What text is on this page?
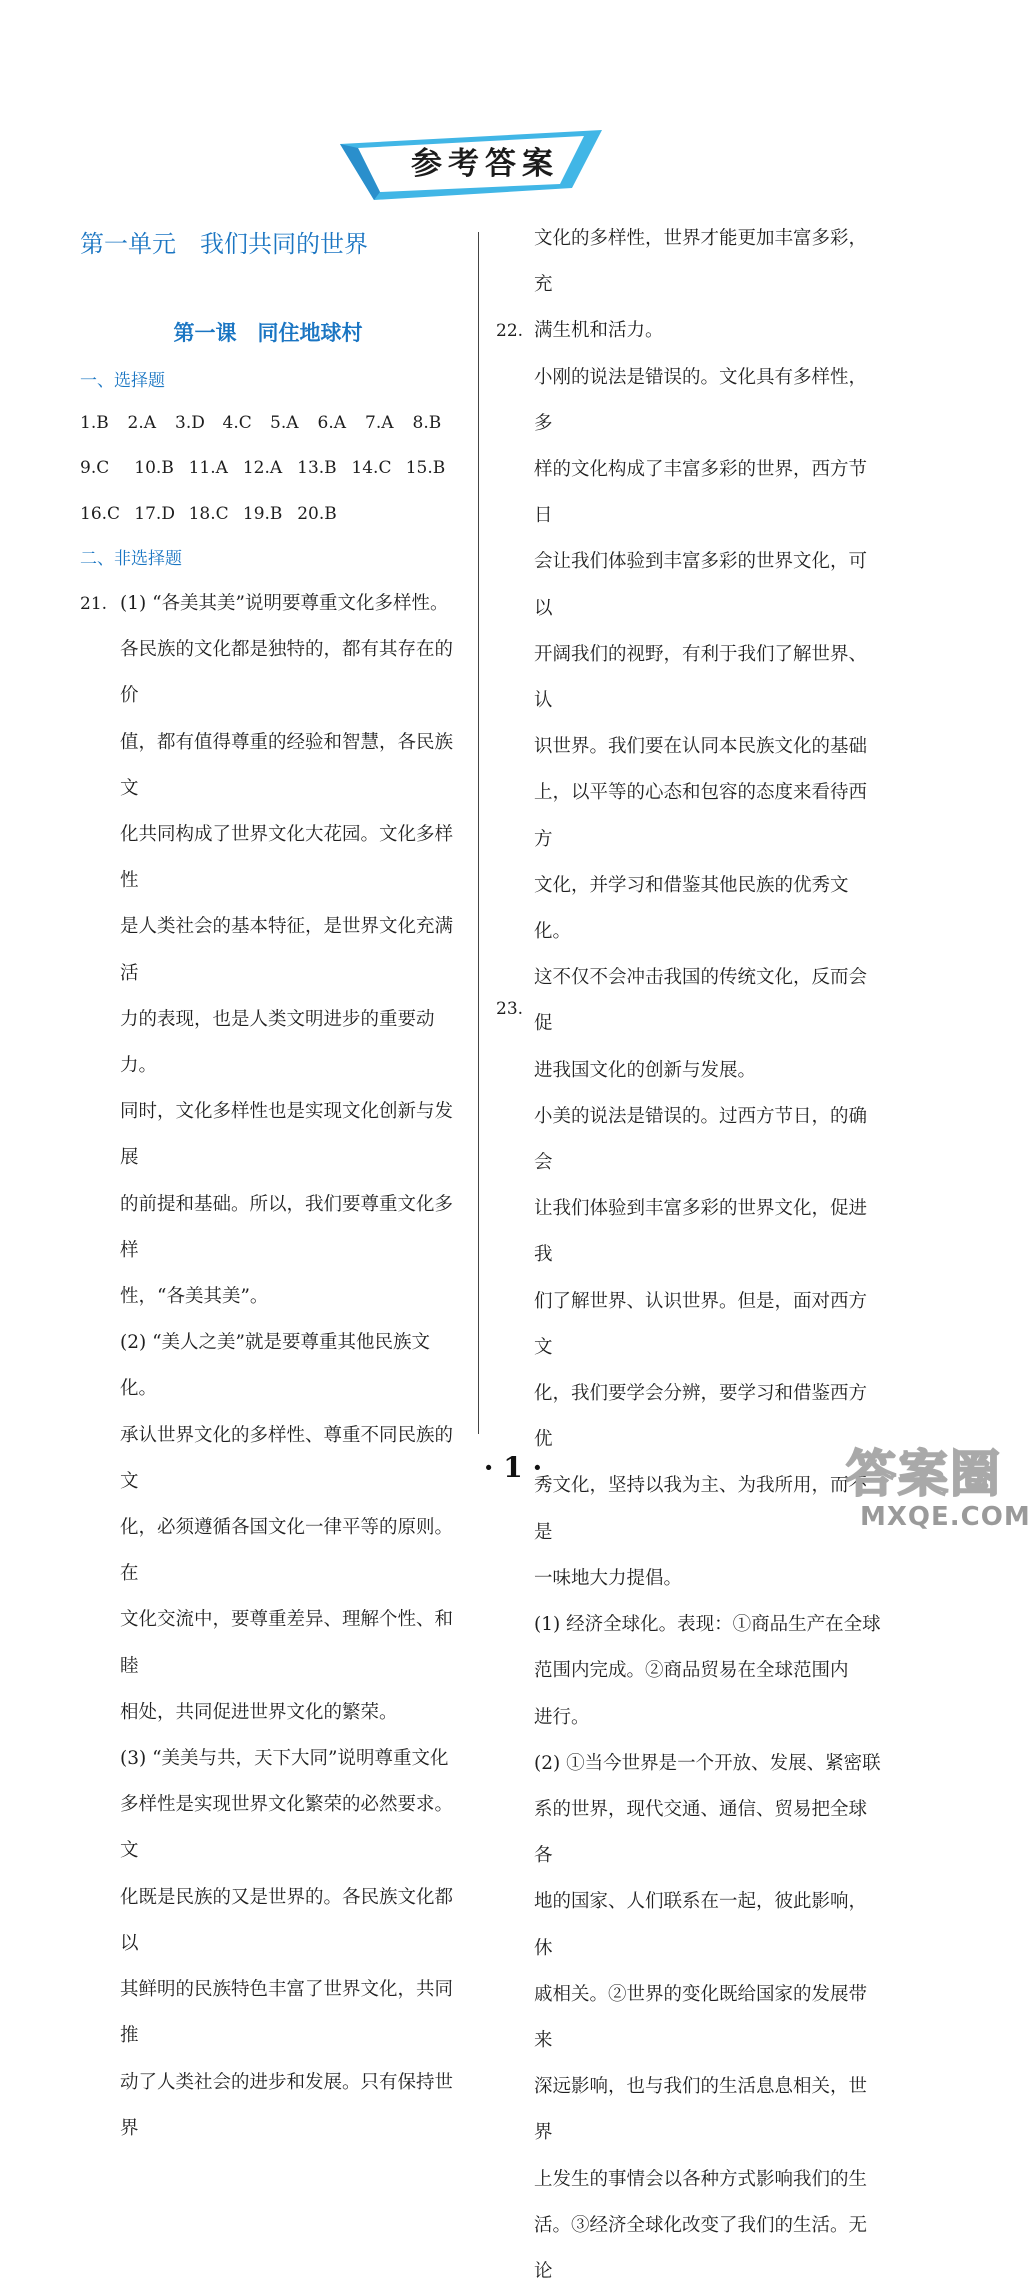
参考答案
第一单元　我们共同的世界
第一课　同住地球村
一、选择题
1.B	2.A	3.D	4.C	5.A	6.A	7.A	8.B
9.C	10.B 11.A 12.A 13.B 14.C 15.B
16.C 17.D 18.C 19.B 20.B
二、非选择题
21. (1) “各美其美”说明要尊重文化多样性。
各民族的文化都是独特的，都有其存在的价
值，都有值得尊重的经验和智慧，各民族文
化共同构成了世界文化大花园。文化多样性
是人类社会的基本特征，是世界文化充满活
力的表现，也是人类文明进步的重要动力。
同时，文化多样性也是实现文化创新与发展
的前提和基础。所以，我们要尊重文化多样
性，“各美其美”。
(2) “美人之美”就是要尊重其他民族文化。
承认世界文化的多样性、尊重不同民族的文
化，必须遵循各国文化一律平等的原则。在
文化交流中，要尊重差异、理解个性、和睦
相处，共同促进世界文化的繁荣。
(3) “美美与共，天下大同”说明尊重文化
多样性是实现世界文化繁荣的必然要求。文
化既是民族的又是世界的。各民族文化都以
其鲜明的民族特色丰富了世界文化，共同推
动了人类社会的进步和发展。只有保持世界
22.
23.
文化的多样性，世界才能更加丰富多彩，充
满生机和活力。
小刚的说法是错误的。文化具有多样性，多
样的文化构成了丰富多彩的世界，西方节日
会让我们体验到丰富多彩的世界文化，可以
开阔我们的视野，有利于我们了解世界、认
识世界。我们要在认同本民族文化的基础
上，以平等的心态和包容的态度来看待西方
文化，并学习和借鉴其他民族的优秀文化。
这不仅不会冲击我国的传统文化，反而会促
进我国文化的创新与发展。
小美的说法是错误的。过西方节日，的确会
让我们体验到丰富多彩的世界文化，促进我
们了解世界、认识世界。但是，面对西方文
化，我们要学会分辨，要学习和借鉴西方优
秀文化，坚持以我为主、为我所用，而不是
一味地大力提倡。
(1) 经济全球化。表现：①商品生产在全球
范围内完成。②商品贸易在全球范围内
进行。
(2) ①当今世界是一个开放、发展、紧密联
系的世界，现代交通、通信、贸易把全球各
地的国家、人们联系在一起，彼此影响，休
戚相关。②世界的变化既给国家的发展带来
深远影响，也与我们的生活息息相关，世界
上发生的事情会以各种方式影响我们的生
活。③经济全球化改变了我们的生活。无论
· 1 ·	答案圈
MXQE.COM
